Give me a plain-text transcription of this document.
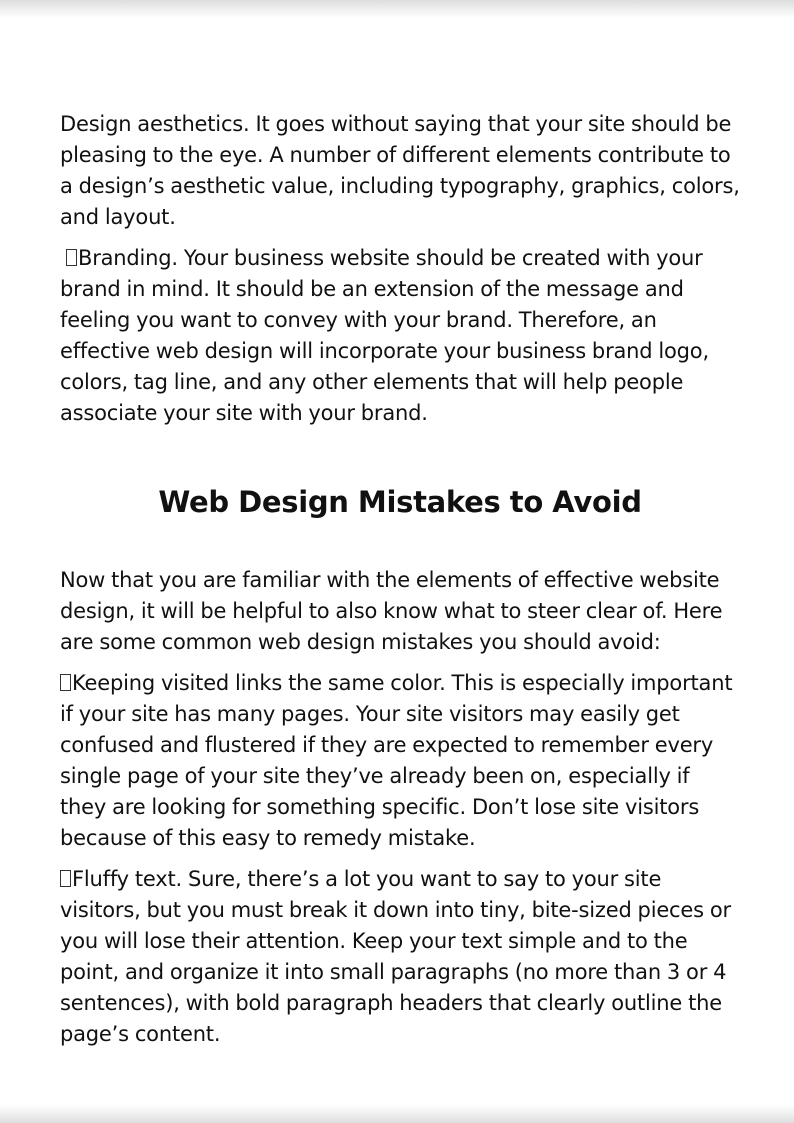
Design aesthetics. It goes without saying that your site should be pleasing to the eye. A number of different elements contribute to a design’s aesthetic value, including typography, graphics, colors, and layout.

Branding. Your business website should be created with your brand in mind. It should be an extension of the message and feeling you want to convey with your brand. Therefore, an effective web design will incorporate your business brand logo, colors, tag line, and any other elements that will help people associate your site with your brand.

Web Design Mistakes to Avoid

Now that you are familiar with the elements of effective website design, it will be helpful to also know what to steer clear of. Here are some common web design mistakes you should avoid:

Keeping visited links the same color. This is especially important if your site has many pages. Your site visitors may easily get confused and flustered if they are expected to remember every single page of your site they’ve already been on, especially if they are looking for something specific. Don’t lose site visitors because of this easy to remedy mistake.

Fluffy text. Sure, there’s a lot you want to say to your site visitors, but you must break it down into tiny, bite-sized pieces or you will lose their attention. Keep your text simple and to the point, and organize it into small paragraphs (no more than 3 or 4 sentences), with bold paragraph headers that clearly outline the page’s content.
